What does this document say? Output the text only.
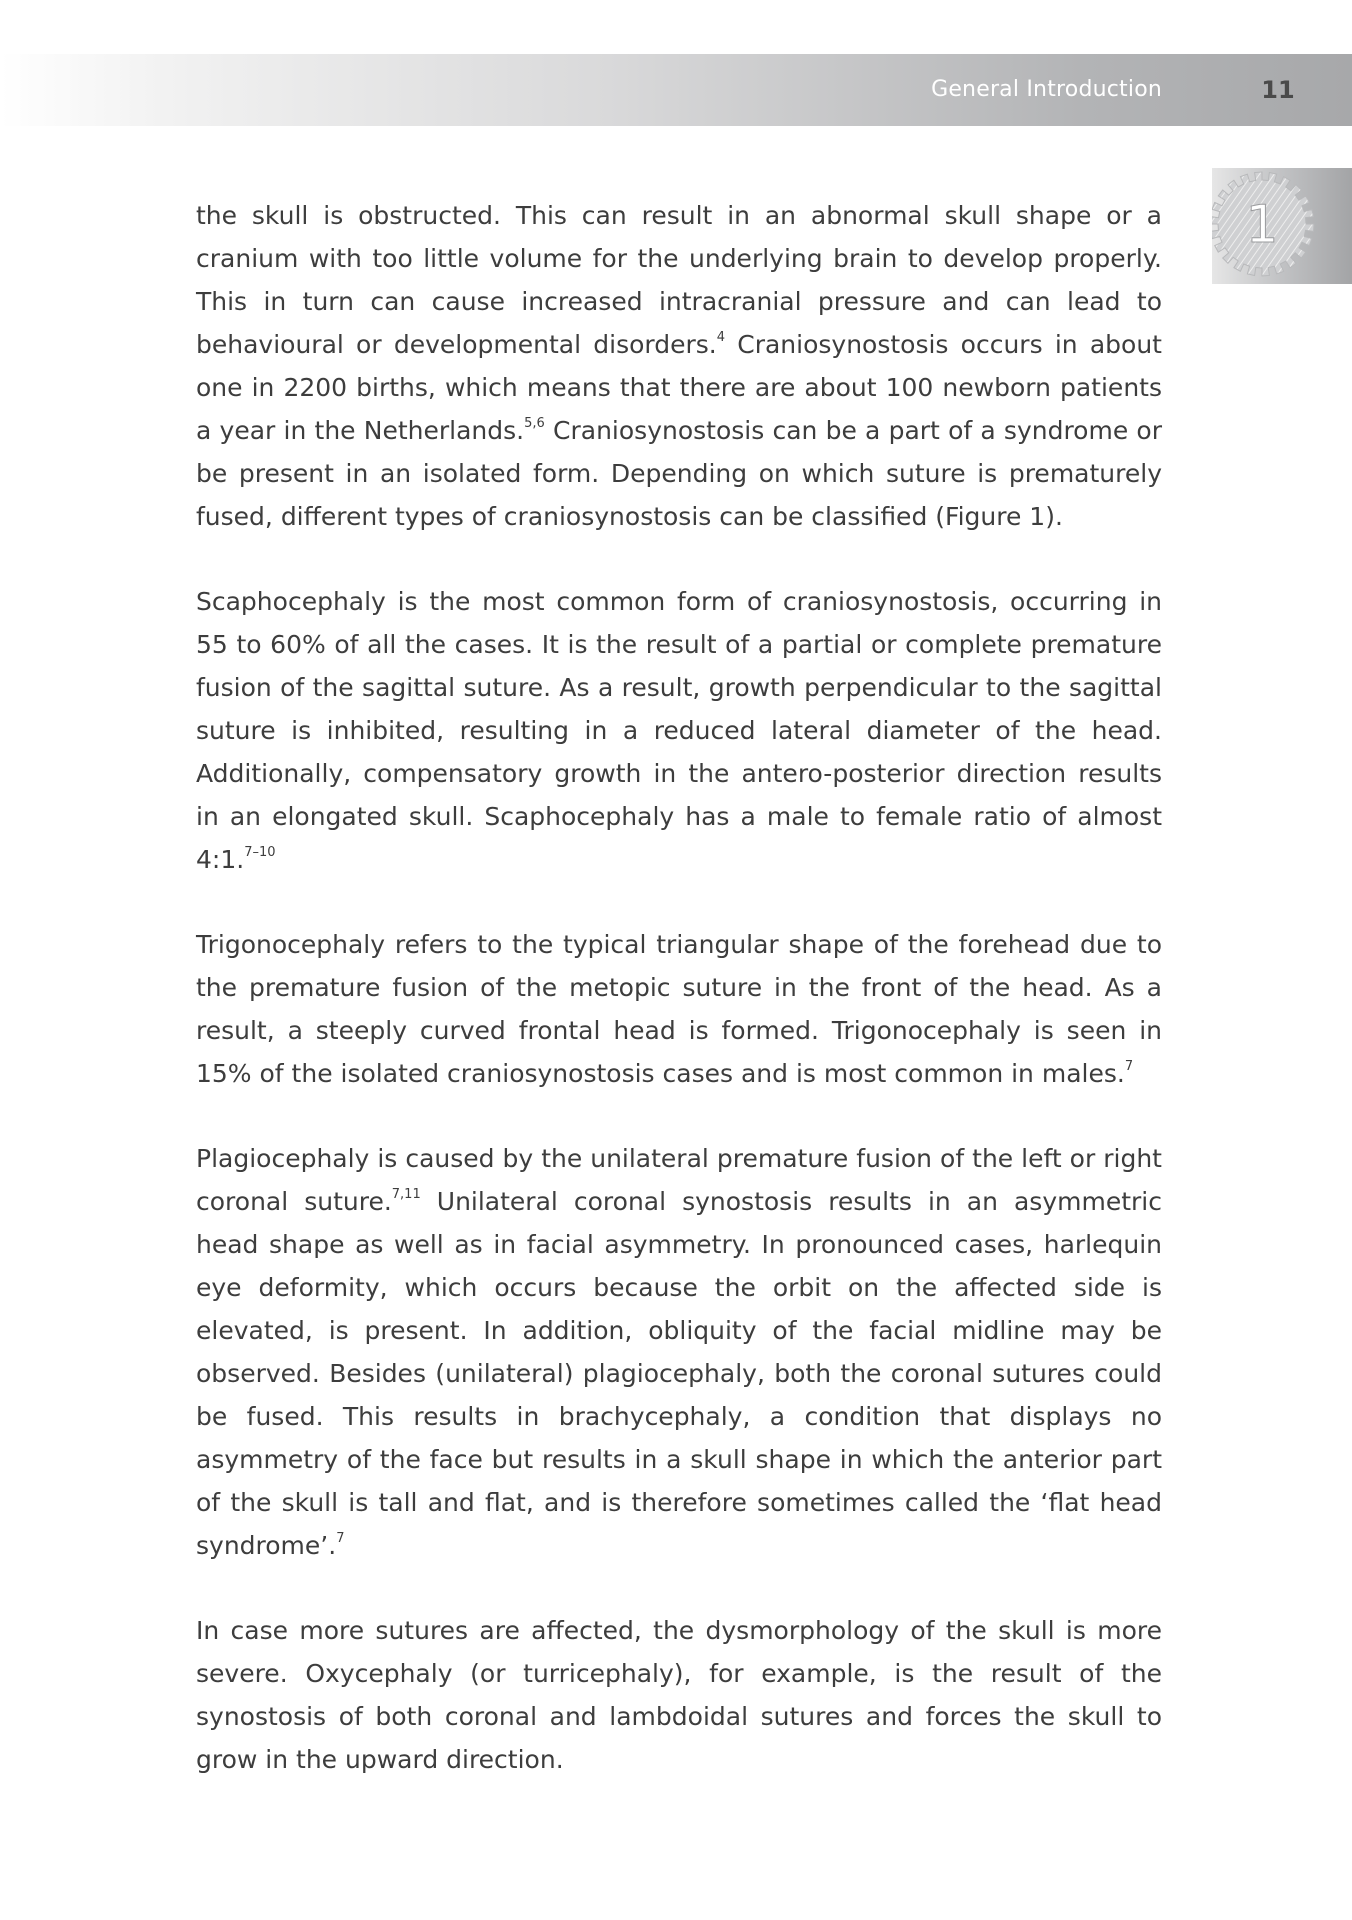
General Introduction	11
1

the skull is obstructed. This can result in an abnormal skull shape or a cranium with too little volume for the underlying brain to develop properly. This in turn can cause increased intracranial pressure and can lead to behavioural or developmental disorders.$^4$ Craniosynostosis occurs in about one in 2200 births, which means that there are about 100 newborn patients a year in the Netherlands.$^{5,6}$ Craniosynostosis can be a part of a syndrome or be present in an isolated form. Depending on which suture is prematurely fused, different types of craniosynostosis can be classified (Figure 1).

Scaphocephaly is the most common form of craniosynostosis, occurring in 55 to 60% of all the cases. It is the result of a partial or complete premature fusion of the sagittal suture. As a result, growth perpendicular to the sagittal suture is inhibited, resulting in a reduced lateral diameter of the head. Additionally, compensatory growth in the antero-posterior direction results in an elongated skull. Scaphocephaly has a male to female ratio of almost 4:1.$^{7-10}$

Trigonocephaly refers to the typical triangular shape of the forehead due to the premature fusion of the metopic suture in the front of the head. As a result, a steeply curved frontal head is formed. Trigonocephaly is seen in 15% of the isolated craniosynostosis cases and is most common in males.$^7$

Plagiocephaly is caused by the unilateral premature fusion of the left or right coronal suture.$^{7,11}$ Unilateral coronal synostosis results in an asymmetric head shape as well as in facial asymmetry. In pronounced cases, harlequin eye deformity, which occurs because the orbit on the affected side is elevated, is present. In addition, obliquity of the facial midline may be observed. Besides (unilateral) plagiocephaly, both the coronal sutures could be fused. This results in brachycephaly, a condition that displays no asymmetry of the face but results in a skull shape in which the anterior part of the skull is tall and flat, and is therefore sometimes called the ‘flat head syndrome’.$^7$

In case more sutures are affected, the dysmorphology of the skull is more severe. Oxycephaly (or turricephaly), for example, is the result of the synostosis of both coronal and lambdoidal sutures and forces the skull to grow in the upward direction.
